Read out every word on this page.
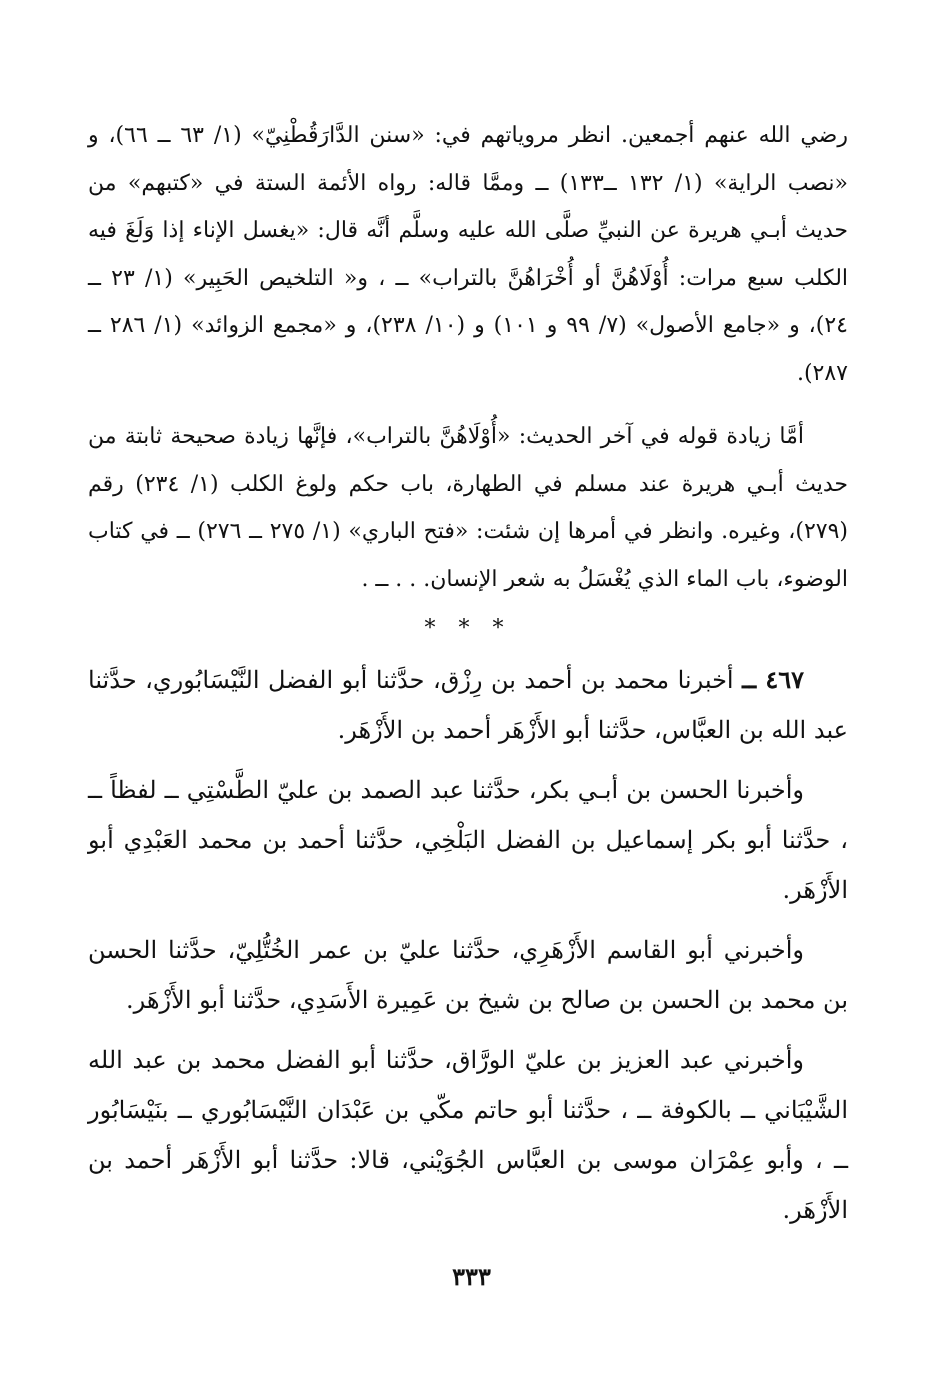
رضي الله عنهم أجمعين. انظر مروياتهم في: «سنن الدَّارَقُطْنِيّ» (١/ ٦٣ ــ ٦٦)، و «نصب الراية» (١/ ١٣٢ ــ١٣٣) ــ وممَّا قاله: رواه الأئمة الستة في «كتبهم» من حديث أبـي هريرة عن النبيِّ صلَّى الله عليه وسلَّم أنَّه قال: «يغسل الإناء إذا وَلَغَ فيه الكلب سبع مرات: أُوْلَاهُنَّ أو أُخْرَاهُنَّ بالتراب» ــ ، و« التلخيص الحَبِير» (١/ ٢٣ ــ ٢٤)، و «جامع الأصول» (٧/ ٩٩ و ١٠١) و (١٠/ ٢٣٨)، و «مجمع الزوائد» (١/ ٢٨٦ ــ ٢٨٧).

أمَّا زيادة قوله في آخر الحديث: «أُوْلَاهُنَّ بالتراب»، فإنَّها زيادة صحيحة ثابتة من حديث أبـي هريرة عند مسلم في الطهارة، باب حكم ولوغ الكلب (١/ ٢٣٤) رقم (٢٧٩)، وغيره. وانظر في أمرها إن شئت: «فتح الباري» (١/ ٢٧٥ ــ ٢٧٦) ــ في كتاب الوضوء، باب الماء الذي يُغْسَلُ به شعر الإنسان. . . ــ .

* * *

٤٦٧ ــ أخبرنا محمد بن أحمد بن رِزْق، حدَّثنا أبو الفضل النَّيْسَابُوري، حدَّثنا عبد الله بن العبَّاس، حدَّثنا أبو الأَزْهَر أحمد بن الأَزْهَر.

وأخبرنا الحسن بن أبـي بكر، حدَّثنا عبد الصمد بن عليّ الطَّسْتِي ــ لفظاً ــ ، حدَّثنا أبو بكر إسماعيل بن الفضل البَلْخِي، حدَّثنا أحمد بن محمد العَبْدِي أبو الأَزْهَر.

وأخبرني أبو القاسم الأَزْهَرِي، حدَّثنا عليّ بن عمر الخُتُّلِيّ، حدَّثنا الحسن بن محمد بن الحسن بن صالح بن شيخ بن عَمِيرة الأَسَدِي، حدَّثنا أبو الأَزْهَر.

وأخبرني عبد العزيز بن عليّ الورَّاق، حدَّثنا أبو الفضل محمد بن عبد الله الشَّيْبَاني ــ بالكوفة ــ ، حدَّثنا أبو حاتم مكّي بن عَبْدَان النَّيْسَابُوري ــ بنَيْسَابُور ــ ، وأبو عِمْرَان موسى بن العبَّاس الجُوَيْني، قالا: حدَّثنا أبو الأَزْهَر أحمد بن الأَزْهَر.

٣٣٣
